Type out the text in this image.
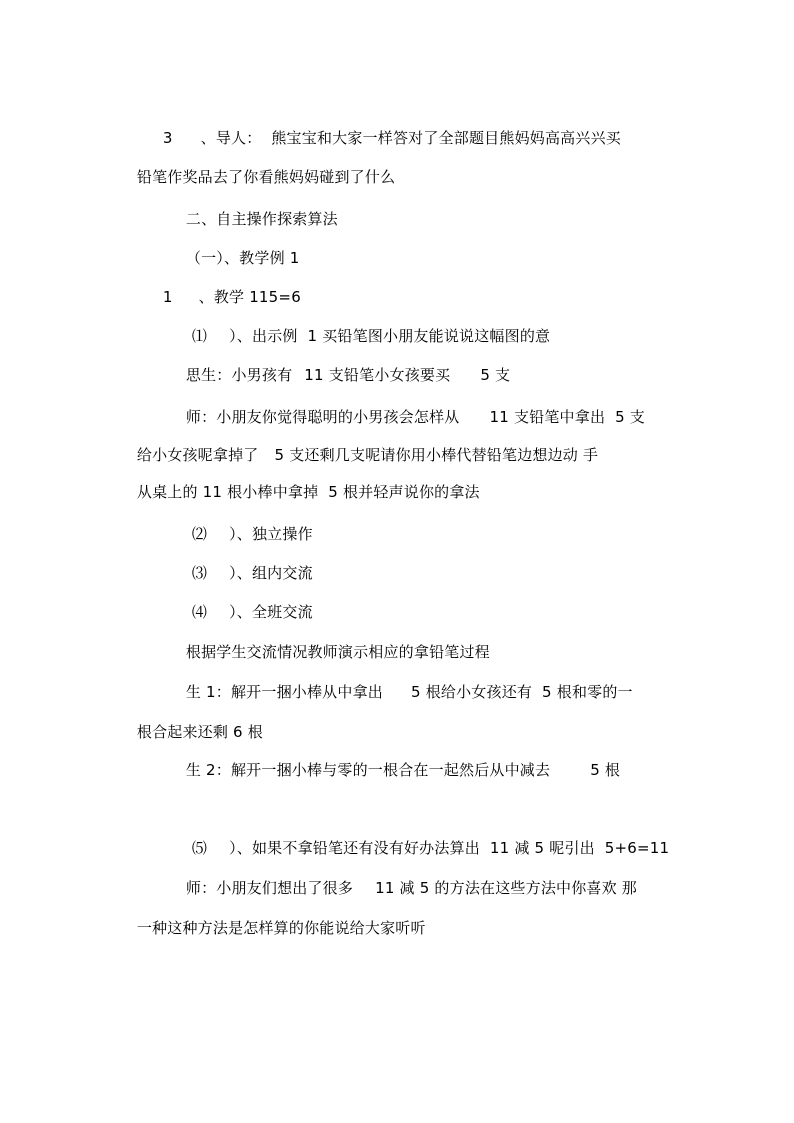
3 、导人：  熊宝宝和大家一样答对了全部题目熊妈妈高高兴兴买

铅笔作奖品去了你看熊妈妈碰到了什么

二、自主操作探索算法

（一）、教学例 1

1 、教学 115=6

⑴ ）、出示例  1 买铅笔图小朋友能说说这幅图的意

思生：小男孩有 11 支铅笔小女孩要买 5 支

师：小朋友你觉得聪明的小男孩会怎样从 11 支铅笔中拿出  5 支

给小女孩呢拿掉了 5 支还剩几支呢请你用小棒代替铅笔边想边动 手

从桌上的 11 根小棒中拿掉  5 根并轻声说你的拿法

⑵ ）、独立操作

⑶ ）、组内交流

⑷ ）、全班交流

根据学生交流情况教师演示相应的拿铅笔过程

生 1：解开一捆小棒从中拿出 5 根给小女孩还有  5 根和零的一

根合起来还剩 6 根

生 2：解开一捆小棒与零的一根合在一起然后从中减去	5 根

⑸ ）、如果不拿铅笔还有没有好办法算出  11 减 5 呢引出  5+6=11

师：小朋友们想出了很多 11 减 5 的方法在这些方法中你喜欢 那

一种这种方法是怎样算的你能说给大家听听
